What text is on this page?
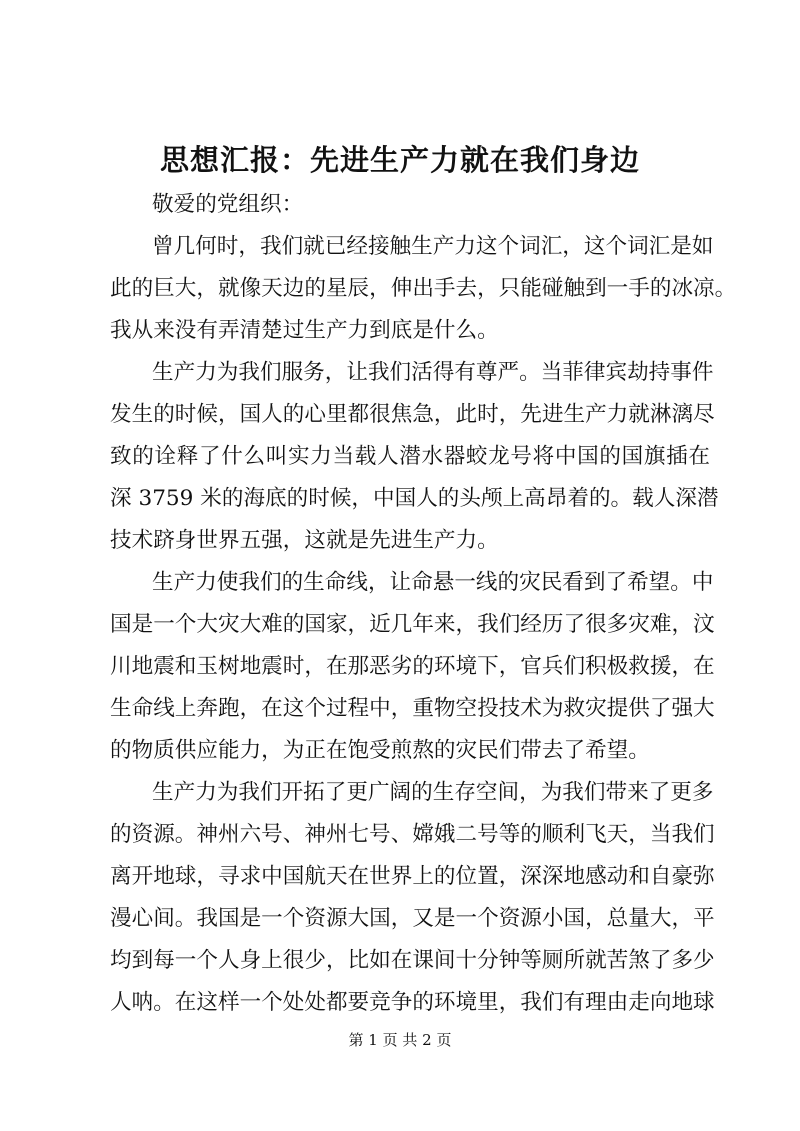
思想汇报：先进生产力就在我们身边
敬爱的党组织：
曾几何时，我们就已经接触生产力这个词汇，这个词汇是如
此的巨大，就像天边的星辰，伸出手去，只能碰触到一手的冰凉。
我从来没有弄清楚过生产力到底是什么。
生产力为我们服务，让我们活得有尊严。当菲律宾劫持事件
发生的时候，国人的心里都很焦急，此时，先进生产力就淋漓尽
致的诠释了什么叫实力当载人潜水器蛟龙号将中国的国旗插在
深 3759 米的海底的时候，中国人的头颅上高昂着的。载人深潜
技术跻身世界五强，这就是先进生产力。
生产力使我们的生命线，让命悬一线的灾民看到了希望。中
国是一个大灾大难的国家，近几年来，我们经历了很多灾难，汶
川地震和玉树地震时，在那恶劣的环境下，官兵们积极救援，在
生命线上奔跑，在这个过程中，重物空投技术为救灾提供了强大
的物质供应能力，为正在饱受煎熬的灾民们带去了希望。
生产力为我们开拓了更广阔的生存空间，为我们带来了更多
的资源。神州六号、神州七号、嫦娥二号等的顺利飞天，当我们
离开地球，寻求中国航天在世界上的位置，深深地感动和自豪弥
漫心间。我国是一个资源大国，又是一个资源小国，总量大，平
均到每一个人身上很少，比如在课间十分钟等厕所就苦煞了多少
人呐。在这样一个处处都要竞争的环境里，我们有理由走向地球
第 1 页 共 2 页
